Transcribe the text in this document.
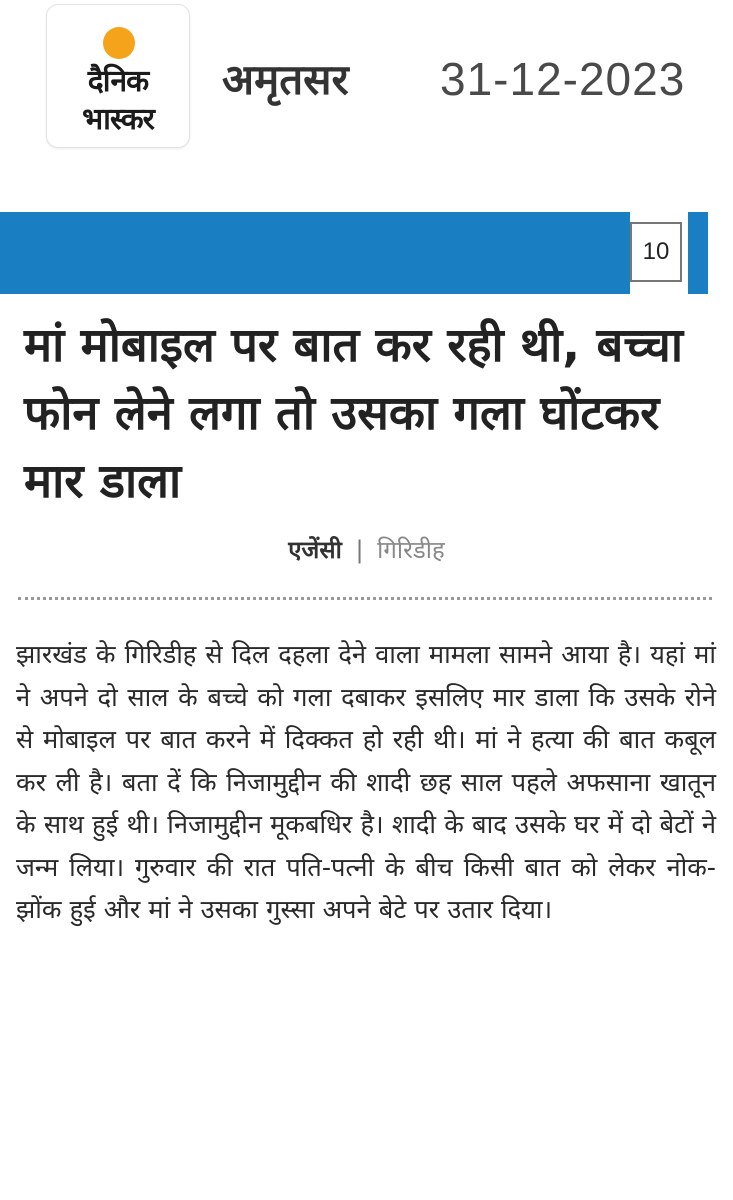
दैनिक
भास्कर
अमृतसर 31-12-2023
10
मां मोबाइल पर बात कर रही थी, बच्चा फोन लेने लगा तो उसका गला घोंटकर मार डाला
एजेंसी | गिरिडीह
झारखंड के गिरिडीह से दिल दहला देने वाला मामला सामने आया है। यहां मां ने अपने दो साल के बच्चे को गला दबाकर इसलिए मार डाला कि उसके रोने से मोबाइल पर बात करने में दिक्कत हो रही थी। मां ने हत्या की बात कबूल कर ली है। बता दें कि निजामुद्दीन की शादी छह साल पहले अफसाना खातून के साथ हुई थी। निजामुद्दीन मूकबधिर है। शादी के बाद उसके घर में दो बेटों ने जन्म लिया। गुरुवार की रात पति-पत्नी के बीच किसी बात को लेकर नोक-झोंक हुई और मां ने उसका गुस्सा अपने बेटे पर उतार दिया।
